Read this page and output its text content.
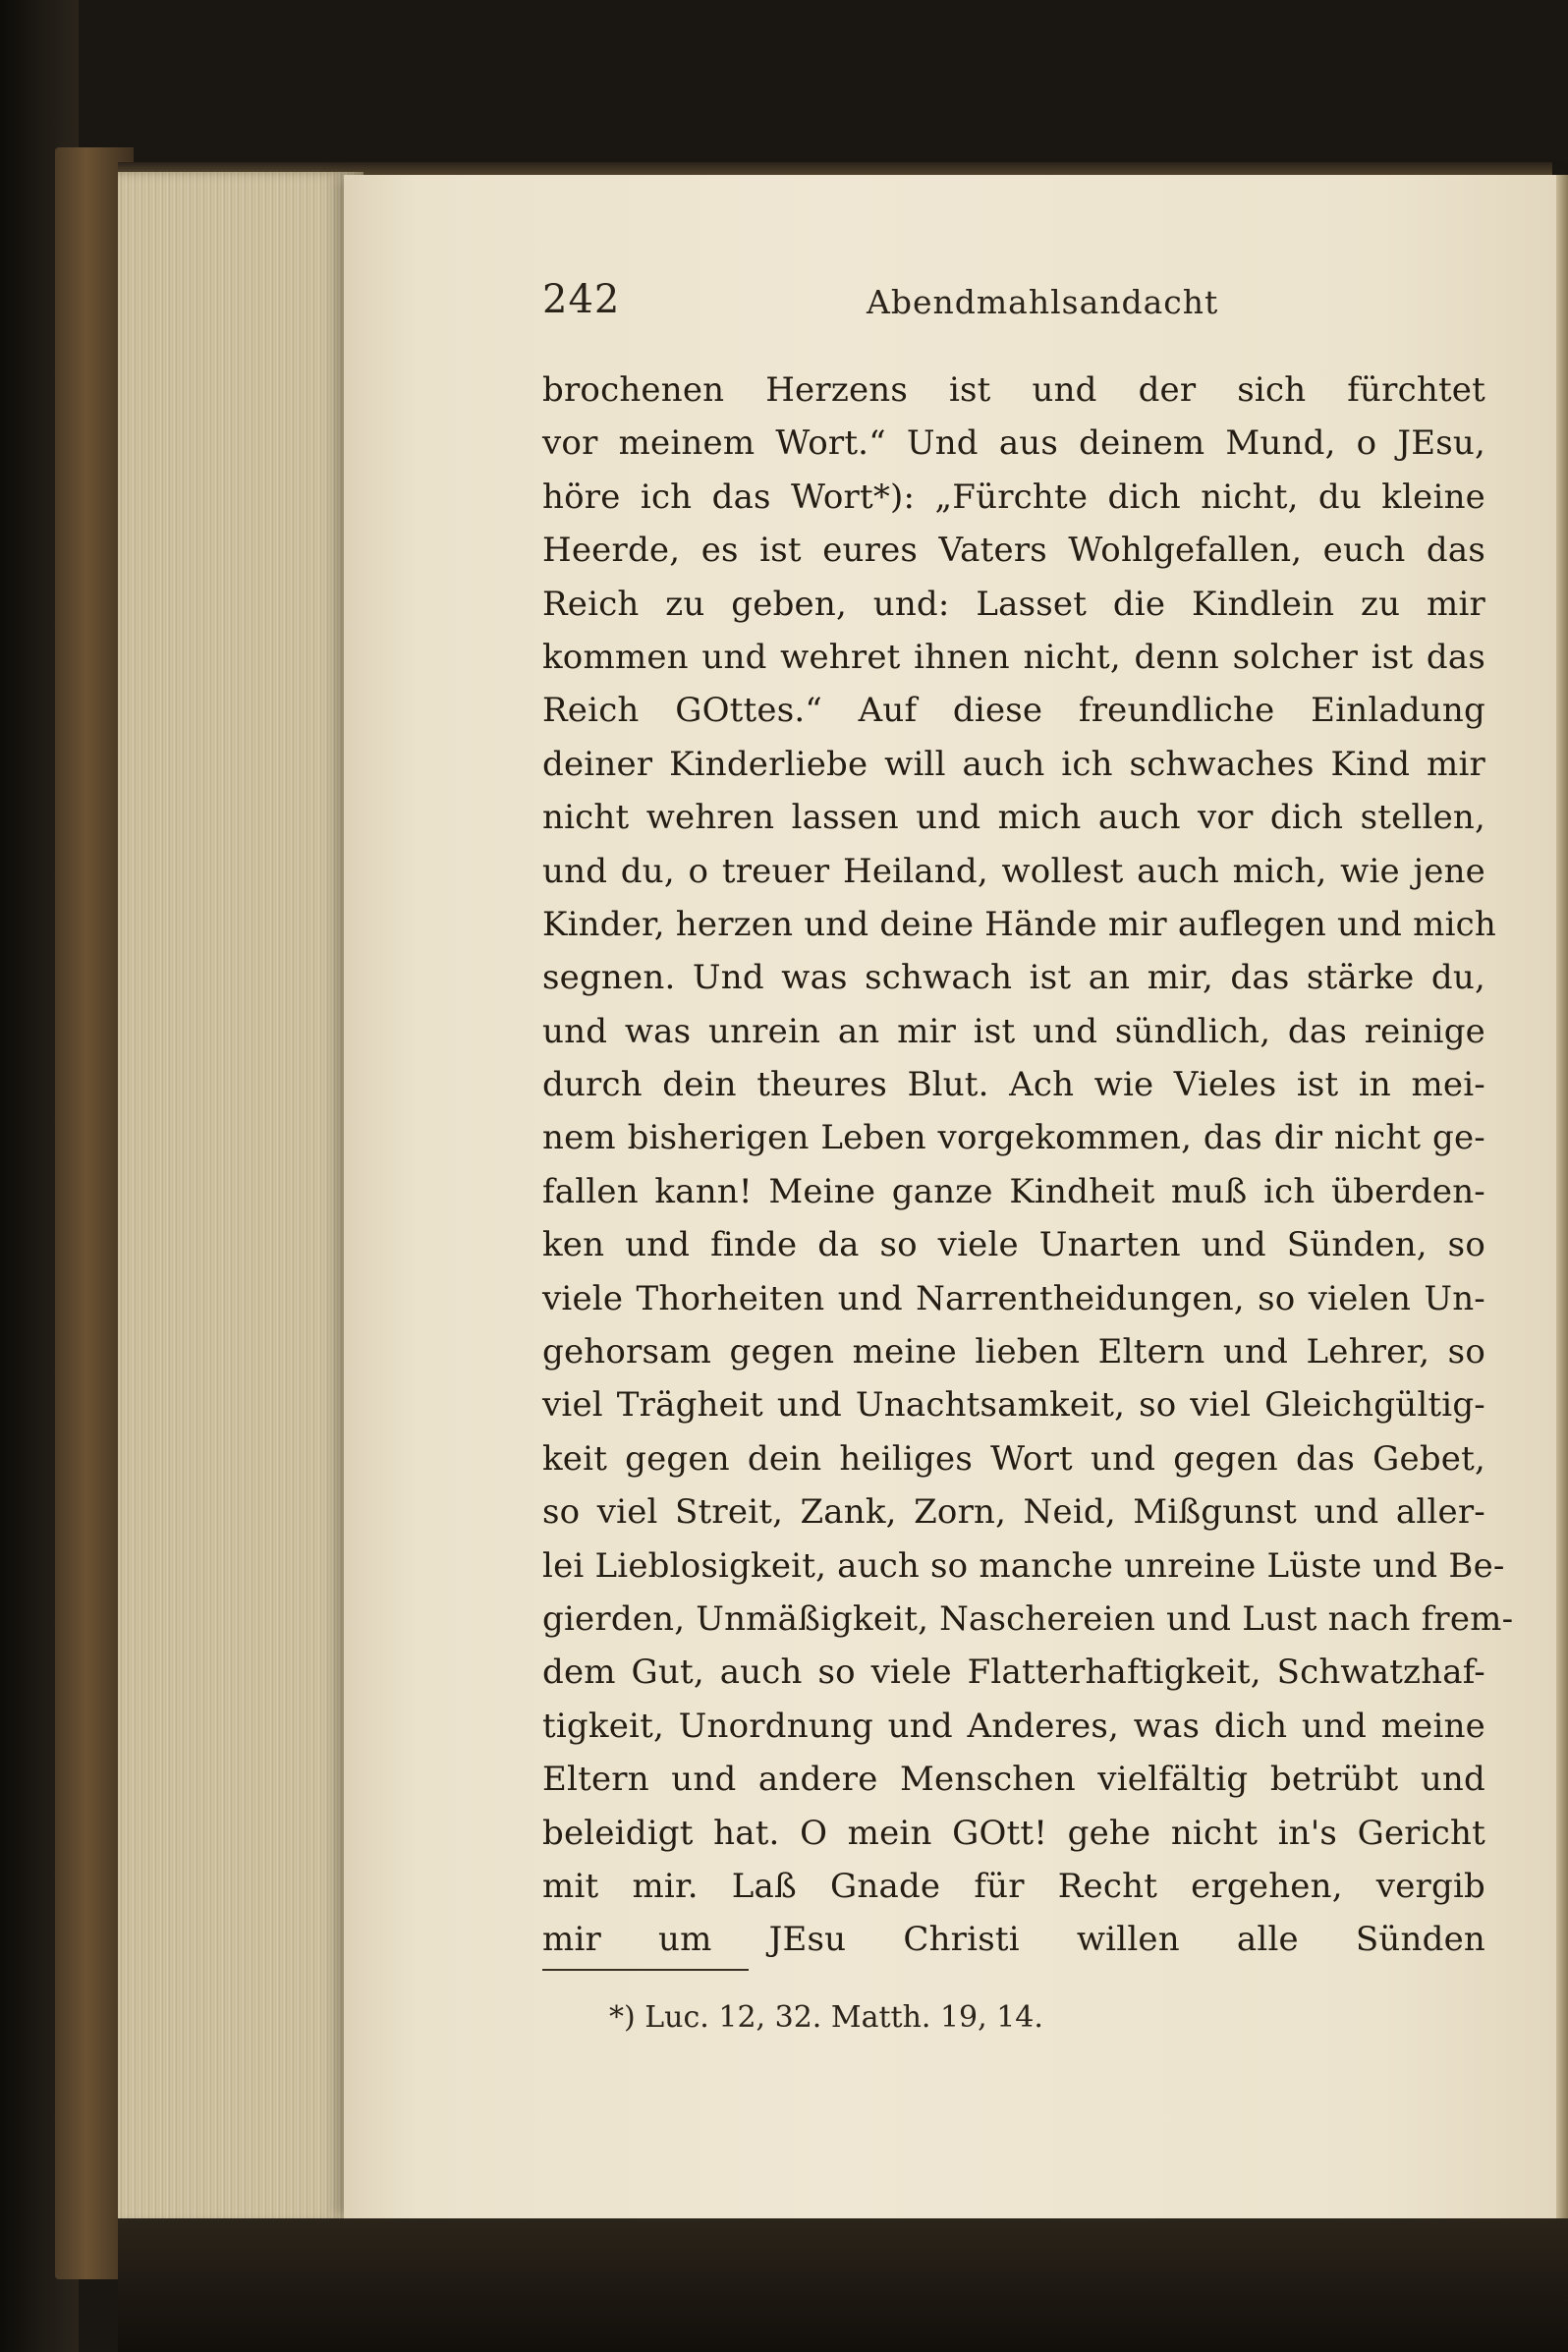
242	Abendmahlsandacht
brochenen Herzens ist und der sich fürchtet
vor meinem Wort.“ Und aus deinem Mund, o JEsu,
höre ich das Wort*): „Fürchte dich nicht, du kleine
Heerde, es ist eures Vaters Wohlgefallen, euch das
Reich zu geben, und: Lasset die Kindlein zu mir
kommen und wehret ihnen nicht, denn solcher ist das
Reich GOttes.“ Auf diese freundliche Einladung
deiner Kinderliebe will auch ich schwaches Kind mir
nicht wehren lassen und mich auch vor dich stellen,
und du, o treuer Heiland, wollest auch mich, wie jene
Kinder, herzen und deine Hände mir auflegen und mich
segnen. Und was schwach ist an mir, das stärke du,
und was unrein an mir ist und sündlich, das reinige
durch dein theures Blut. Ach wie Vieles ist in mei-
nem bisherigen Leben vorgekommen, das dir nicht ge-
fallen kann! Meine ganze Kindheit muß ich überden-
ken und finde da so viele Unarten und Sünden, so
viele Thorheiten und Narrentheidungen, so vielen Un-
gehorsam gegen meine lieben Eltern und Lehrer, so
viel Trägheit und Unachtsamkeit, so viel Gleichgültig-
keit gegen dein heiliges Wort und gegen das Gebet,
so viel Streit, Zank, Zorn, Neid, Mißgunst und aller-
lei Lieblosigkeit, auch so manche unreine Lüste und Be-
gierden, Unmäßigkeit, Naschereien und Lust nach frem-
dem Gut, auch so viele Flatterhaftigkeit, Schwatzhaf-
tigkeit, Unordnung und Anderes, was dich und meine
Eltern und andere Menschen vielfältig betrübt und
beleidigt hat. O mein GOtt! gehe nicht in's Gericht
mit mir. Laß Gnade für Recht ergehen, vergib
mir um JEsu Christi willen alle Sünden
*) Luc. 12, 32. Matth. 19, 14.
